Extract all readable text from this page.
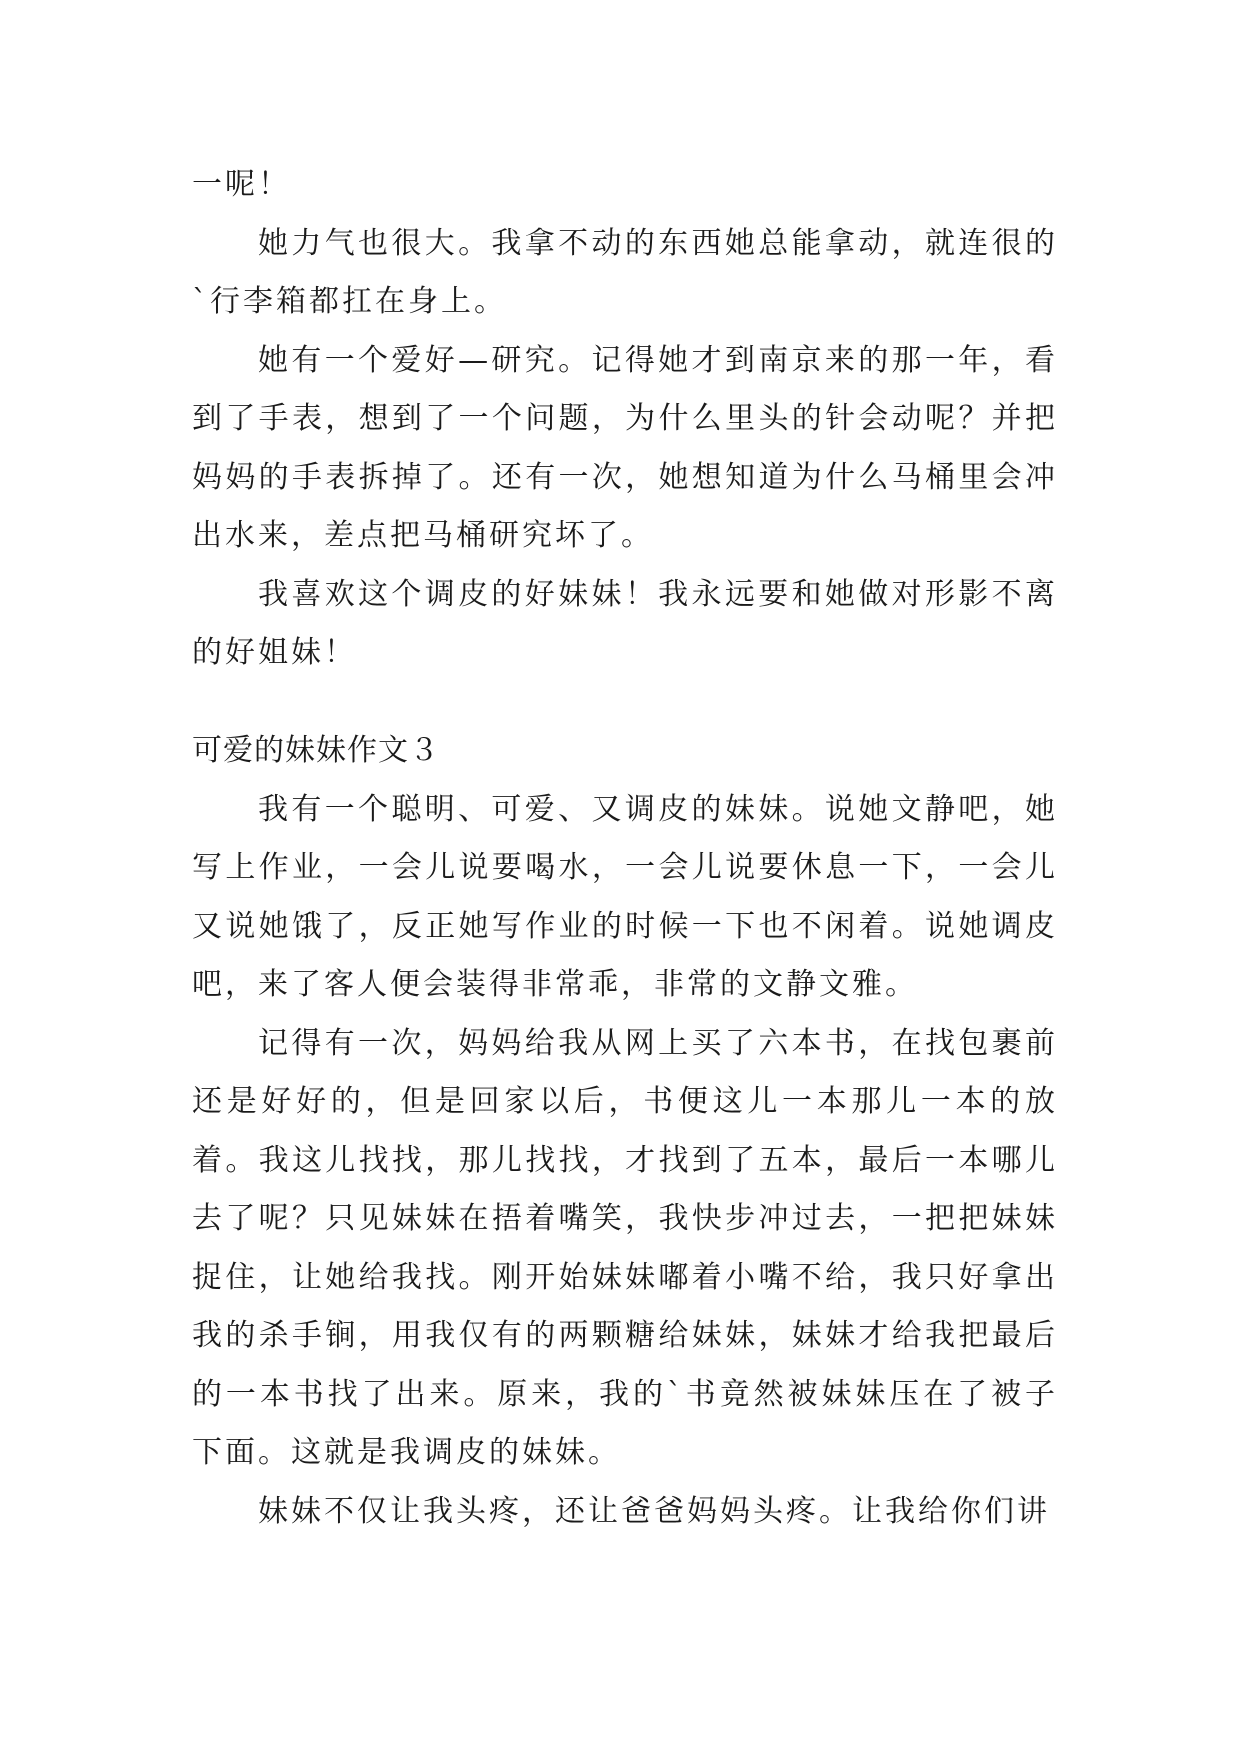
一呢！

她力气也很大。我拿不动的东西她总能拿动，就连很的`行李箱都扛在身上。

她有一个爱好—研究。记得她才到南京来的那一年，看到了手表，想到了一个问题，为什么里头的针会动呢？并把妈妈的手表拆掉了。还有一次，她想知道为什么马桶里会冲出水来，差点把马桶研究坏了。

我喜欢这个调皮的好妹妹！我永远要和她做对形影不离的好姐妹！

可爱的妹妹作文３

我有一个聪明、可爱、又调皮的妹妹。说她文静吧，她写上作业，一会儿说要喝水，一会儿说要休息一下，一会儿又说她饿了，反正她写作业的时候一下也不闲着。说她调皮吧，来了客人便会装得非常乖，非常的文静文雅。

记得有一次，妈妈给我从网上买了六本书，在找包裹前还是好好的，但是回家以后，书便这儿一本那儿一本的放着。我这儿找找，那儿找找，才找到了五本，最后一本哪儿去了呢？只见妹妹在捂着嘴笑，我快步冲过去，一把把妹妹捉住，让她给我找。刚开始妹妹嘟着小嘴不给，我只好拿出我的杀手锏，用我仅有的两颗糖给妹妹，妹妹才给我把最后的一本书找了出来。原来，我的`书竟然被妹妹压在了被子下面。这就是我调皮的妹妹。

妹妹不仅让我头疼，还让爸爸妈妈头疼。让我给你们讲
